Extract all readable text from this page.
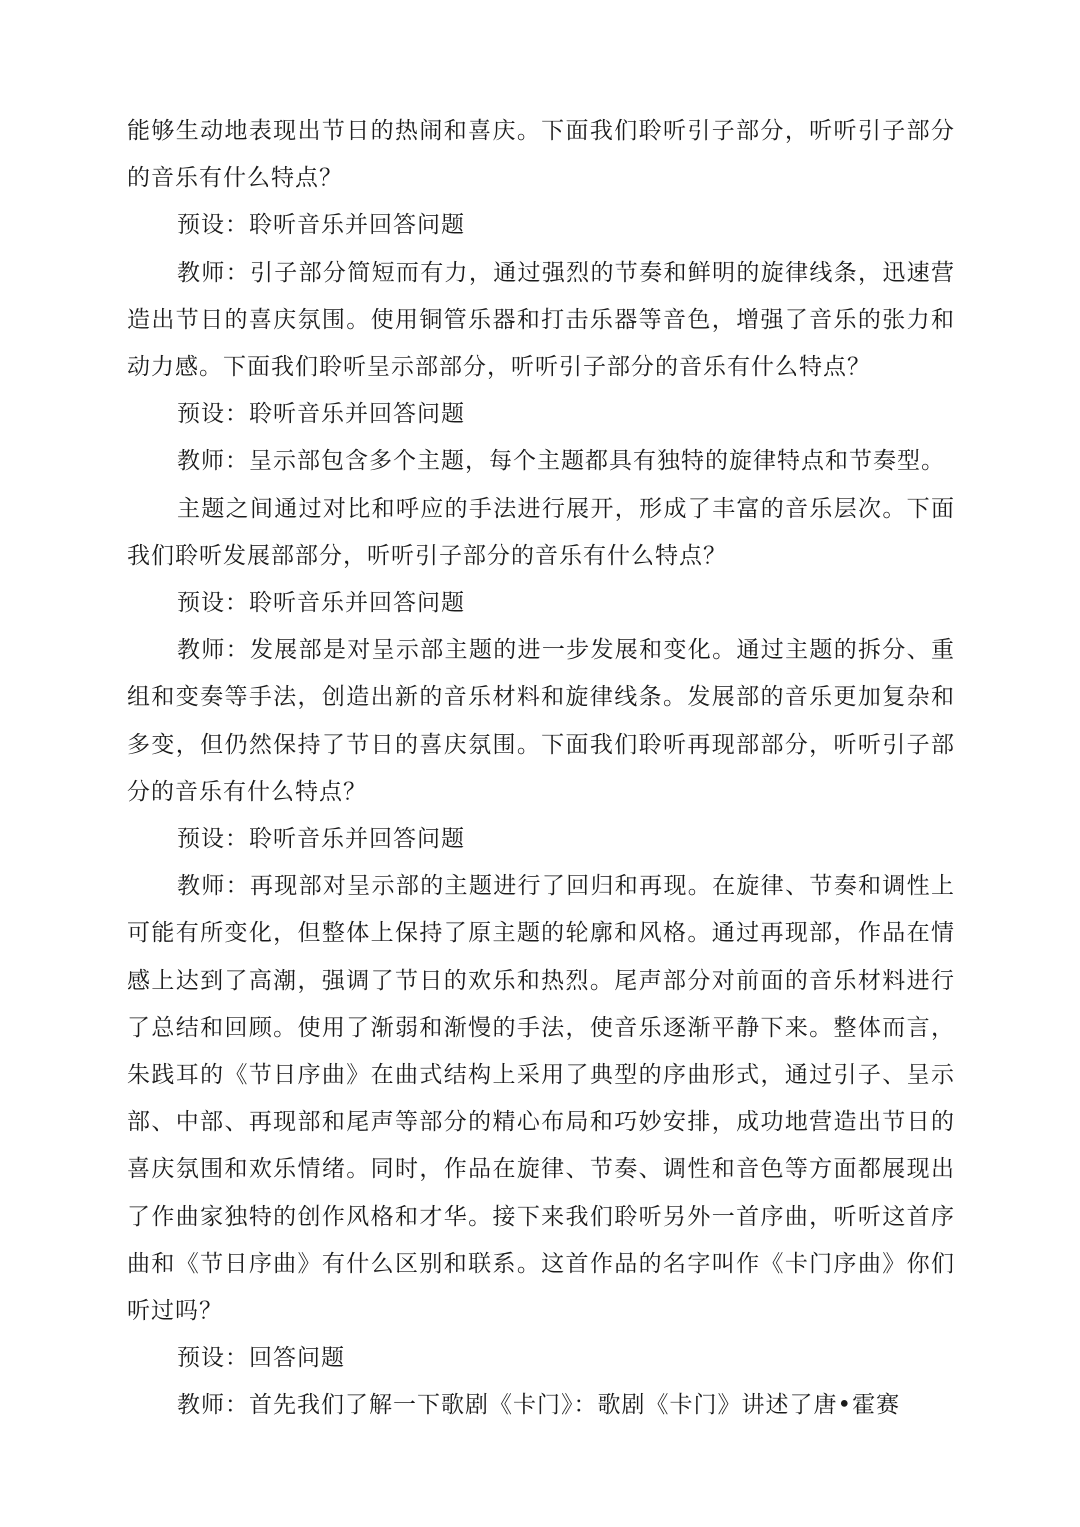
能够生动地表现出节日的热闹和喜庆。下面我们聆听引子部分，听听引子部分的音乐有什么特点？

预设：聆听音乐并回答问题

教师：引子部分简短而有力，通过强烈的节奏和鲜明的旋律线条，迅速营造出节日的喜庆氛围。使用铜管乐器和打击乐器等音色，增强了音乐的张力和动力感。下面我们聆听呈示部部分，听听引子部分的音乐有什么特点？

预设：聆听音乐并回答问题

教师：呈示部包含多个主题，每个主题都具有独特的旋律特点和节奏型。

主题之间通过对比和呼应的手法进行展开，形成了丰富的音乐层次。下面我们聆听发展部部分，听听引子部分的音乐有什么特点？

预设：聆听音乐并回答问题

教师：发展部是对呈示部主题的进一步发展和变化。通过主题的拆分、重组和变奏等手法，创造出新的音乐材料和旋律线条。发展部的音乐更加复杂和多变，但仍然保持了节日的喜庆氛围。下面我们聆听再现部部分，听听引子部分的音乐有什么特点？

预设：聆听音乐并回答问题

教师：再现部对呈示部的主题进行了回归和再现。在旋律、节奏和调性上可能有所变化，但整体上保持了原主题的轮廓和风格。通过再现部，作品在情感上达到了高潮，强调了节日的欢乐和热烈。尾声部分对前面的音乐材料进行了总结和回顾。使用了渐弱和渐慢的手法，使音乐逐渐平静下来。整体而言，朱践耳的《节日序曲》在曲式结构上采用了典型的序曲形式，通过引子、呈示部、中部、再现部和尾声等部分的精心布局和巧妙安排，成功地营造出节日的喜庆氛围和欢乐情绪。同时，作品在旋律、节奏、调性和音色等方面都展现出了作曲家独特的创作风格和才华。接下来我们聆听另外一首序曲，听听这首序曲和《节日序曲》有什么区别和联系。这首作品的名字叫作《卡门序曲》你们听过吗？

预设：回答问题

教师：首先我们了解一下歌剧《卡门》：歌剧《卡门》讲述了唐•霍赛
